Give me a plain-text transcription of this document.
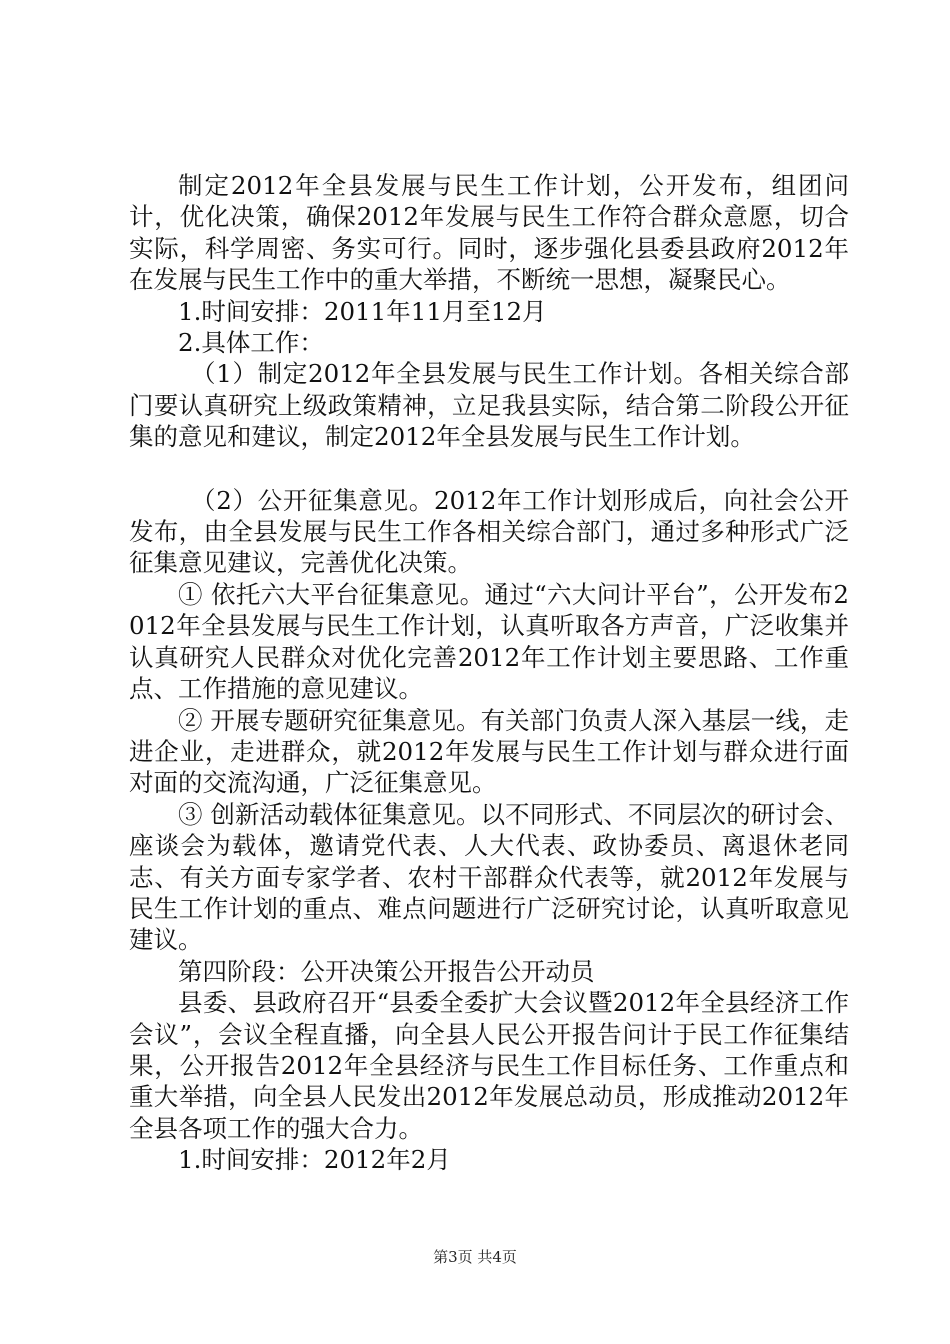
制定2012年全县发展与民生工作计划，公开发布，组团问计，优化决策，确保2012年发展与民生工作符合群众意愿，切合实际，科学周密、务实可行。同时，逐步强化县委县政府2012年在发展与民生工作中的重大举措，不断统一思想，凝聚民心。

1.时间安排：2011年11月至12月

2.具体工作：

（1）制定2012年全县发展与民生工作计划。各相关综合部门要认真研究上级政策精神，立足我县实际，结合第二阶段公开征集的意见和建议，制定2012年全县发展与民生工作计划。

（2）公开征集意见。2012年工作计划形成后，向社会公开发布，由全县发展与民生工作各相关综合部门，通过多种形式广泛征集意见建议，完善优化决策。

① 依托六大平台征集意见。通过“六大问计平台”，公开发布2012年全县发展与民生工作计划，认真听取各方声音，广泛收集并认真研究人民群众对优化完善2012年工作计划主要思路、工作重点、工作措施的意见建议。

② 开展专题研究征集意见。有关部门负责人深入基层一线，走进企业，走进群众，就2012年发展与民生工作计划与群众进行面对面的交流沟通，广泛征集意见。

③ 创新活动载体征集意见。以不同形式、不同层次的研讨会、座谈会为载体，邀请党代表、人大代表、政协委员、离退休老同志、有关方面专家学者、农村干部群众代表等，就2012年发展与民生工作计划的重点、难点问题进行广泛研究讨论，认真听取意见建议。

第四阶段：公开决策公开报告公开动员

县委、县政府召开“县委全委扩大会议暨2012年全县经济工作会议”，会议全程直播，向全县人民公开报告问计于民工作征集结果，公开报告2012年全县经济与民生工作目标任务、工作重点和重大举措，向全县人民发出2012年发展总动员，形成推动2012年全县各项工作的强大合力。

1.时间安排：2012年2月

第3页 共4页
